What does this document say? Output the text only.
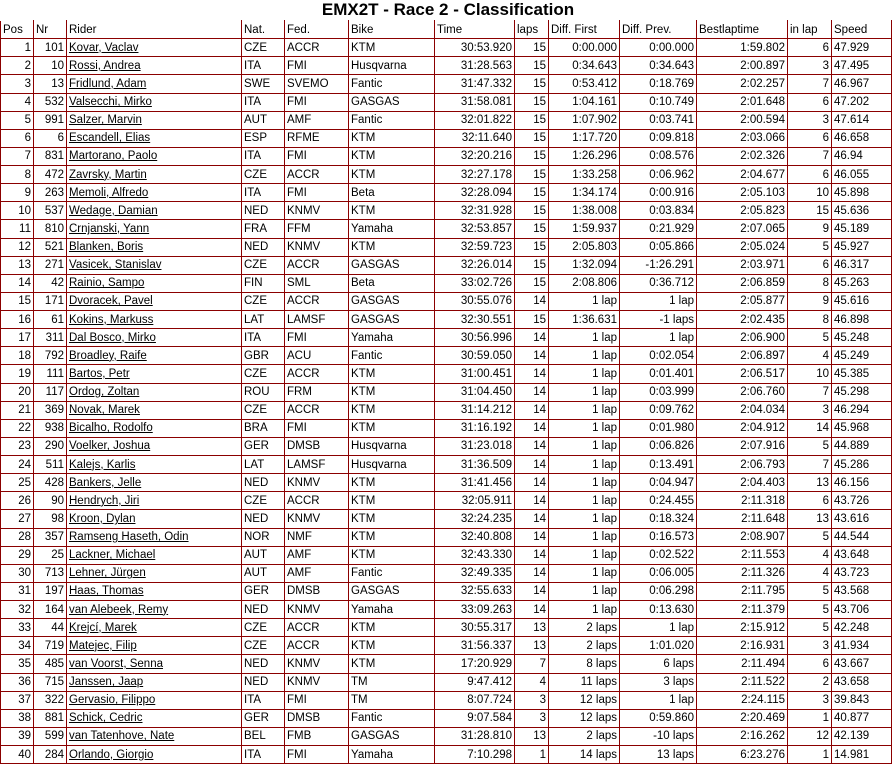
EMX2T - Race 2 - Classification
Pos	Nr	Rider	Nat.	Fed.	Bike	Time	laps	Diff. First	Diff. Prev.	Bestlaptime	in lap	Speed
1	101	Kovar, Vaclav	CZE	ACCR	KTM	30:53.920	15	0:00.000	0:00.000	1:59.802	6	47.929
2	10	Rossi, Andrea	ITA	FMI	Husqvarna	31:28.563	15	0:34.643	0:34.643	2:00.897	3	47.495
3	13	Fridlund, Adam	SWE	SVEMO	Fantic	31:47.332	15	0:53.412	0:18.769	2:02.257	7	46.967
4	532	Valsecchi, Mirko	ITA	FMI	GASGAS	31:58.081	15	1:04.161	0:10.749	2:01.648	6	47.202
5	991	Salzer, Marvin	AUT	AMF	Fantic	32:01.822	15	1:07.902	0:03.741	2:00.594	3	47.614
6	6	Escandell, Elias	ESP	RFME	KTM	32:11.640	15	1:17.720	0:09.818	2:03.066	6	46.658
7	831	Martorano, Paolo	ITA	FMI	KTM	32:20.216	15	1:26.296	0:08.576	2:02.326	7	46.94
8	472	Zavrsky, Martin	CZE	ACCR	KTM	32:27.178	15	1:33.258	0:06.962	2:04.677	6	46.055
9	263	Memoli, Alfredo	ITA	FMI	Beta	32:28.094	15	1:34.174	0:00.916	2:05.103	10	45.898
10	537	Wedage, Damian	NED	KNMV	KTM	32:31.928	15	1:38.008	0:03.834	2:05.823	15	45.636
11	810	Crnjanski, Yann	FRA	FFM	Yamaha	32:53.857	15	1:59.937	0:21.929	2:07.065	9	45.189
12	521	Blanken, Boris	NED	KNMV	KTM	32:59.723	15	2:05.803	0:05.866	2:05.024	5	45.927
13	271	Vasicek, Stanislav	CZE	ACCR	GASGAS	32:26.014	15	1:32.094	-1:26.291	2:03.971	6	46.317
14	42	Rainio, Sampo	FIN	SML	Beta	33:02.726	15	2:08.806	0:36.712	2:06.859	8	45.263
15	171	Dvoracek, Pavel	CZE	ACCR	GASGAS	30:55.076	14	1 lap	1 lap	2:05.877	9	45.616
16	61	Kokins, Markuss	LAT	LAMSF	GASGAS	32:30.551	15	1:36.631	-1 laps	2:02.435	8	46.898
17	311	Dal Bosco, Mirko	ITA	FMI	Yamaha	30:56.996	14	1 lap	1 lap	2:06.900	5	45.248
18	792	Broadley, Raife	GBR	ACU	Fantic	30:59.050	14	1 lap	0:02.054	2:06.897	4	45.249
19	111	Bartos, Petr	CZE	ACCR	KTM	31:00.451	14	1 lap	0:01.401	2:06.517	10	45.385
20	117	Ordog, Zoltan	ROU	FRM	KTM	31:04.450	14	1 lap	0:03.999	2:06.760	7	45.298
21	369	Novak, Marek	CZE	ACCR	KTM	31:14.212	14	1 lap	0:09.762	2:04.034	3	46.294
22	938	Bicalho, Rodolfo	BRA	FMI	KTM	31:16.192	14	1 lap	0:01.980	2:04.912	14	45.968
23	290	Voelker, Joshua	GER	DMSB	Husqvarna	31:23.018	14	1 lap	0:06.826	2:07.916	5	44.889
24	511	Kalejs, Karlis	LAT	LAMSF	Husqvarna	31:36.509	14	1 lap	0:13.491	2:06.793	7	45.286
25	428	Bankers, Jelle	NED	KNMV	KTM	31:41.456	14	1 lap	0:04.947	2:04.403	13	46.156
26	90	Hendrych, Jiri	CZE	ACCR	KTM	32:05.911	14	1 lap	0:24.455	2:11.318	6	43.726
27	98	Kroon, Dylan	NED	KNMV	KTM	32:24.235	14	1 lap	0:18.324	2:11.648	13	43.616
28	357	Ramseng Haseth, Odin	NOR	NMF	KTM	32:40.808	14	1 lap	0:16.573	2:08.907	5	44.544
29	25	Lackner, Michael	AUT	AMF	KTM	32:43.330	14	1 lap	0:02.522	2:11.553	4	43.648
30	713	Lehner, Jürgen	AUT	AMF	Fantic	32:49.335	14	1 lap	0:06.005	2:11.326	4	43.723
31	197	Haas, Thomas	GER	DMSB	GASGAS	32:55.633	14	1 lap	0:06.298	2:11.795	5	43.568
32	164	van Alebeek, Remy	NED	KNMV	Yamaha	33:09.263	14	1 lap	0:13.630	2:11.379	5	43.706
33	44	Krejcí, Marek	CZE	ACCR	KTM	30:55.317	13	2 laps	1 lap	2:15.912	5	42.248
34	719	Matejec, Filip	CZE	ACCR	KTM	31:56.337	13	2 laps	1:01.020	2:16.931	3	41.934
35	485	van Voorst, Senna	NED	KNMV	KTM	17:20.929	7	8 laps	6 laps	2:11.494	6	43.667
36	715	Janssen, Jaap	NED	KNMV	TM	9:47.412	4	11 laps	3 laps	2:11.522	2	43.658
37	322	Gervasio, Filippo	ITA	FMI	TM	8:07.724	3	12 laps	1 lap	2:24.115	3	39.843
38	881	Schick, Cedric	GER	DMSB	Fantic	9:07.584	3	12 laps	0:59.860	2:20.469	1	40.877
39	599	van Tatenhove, Nate	BEL	FMB	GASGAS	31:28.810	13	2 laps	-10 laps	2:16.262	12	42.139
40	284	Orlando, Giorgio	ITA	FMI	Yamaha	7:10.298	1	14 laps	13 laps	6:23.276	1	14.981
